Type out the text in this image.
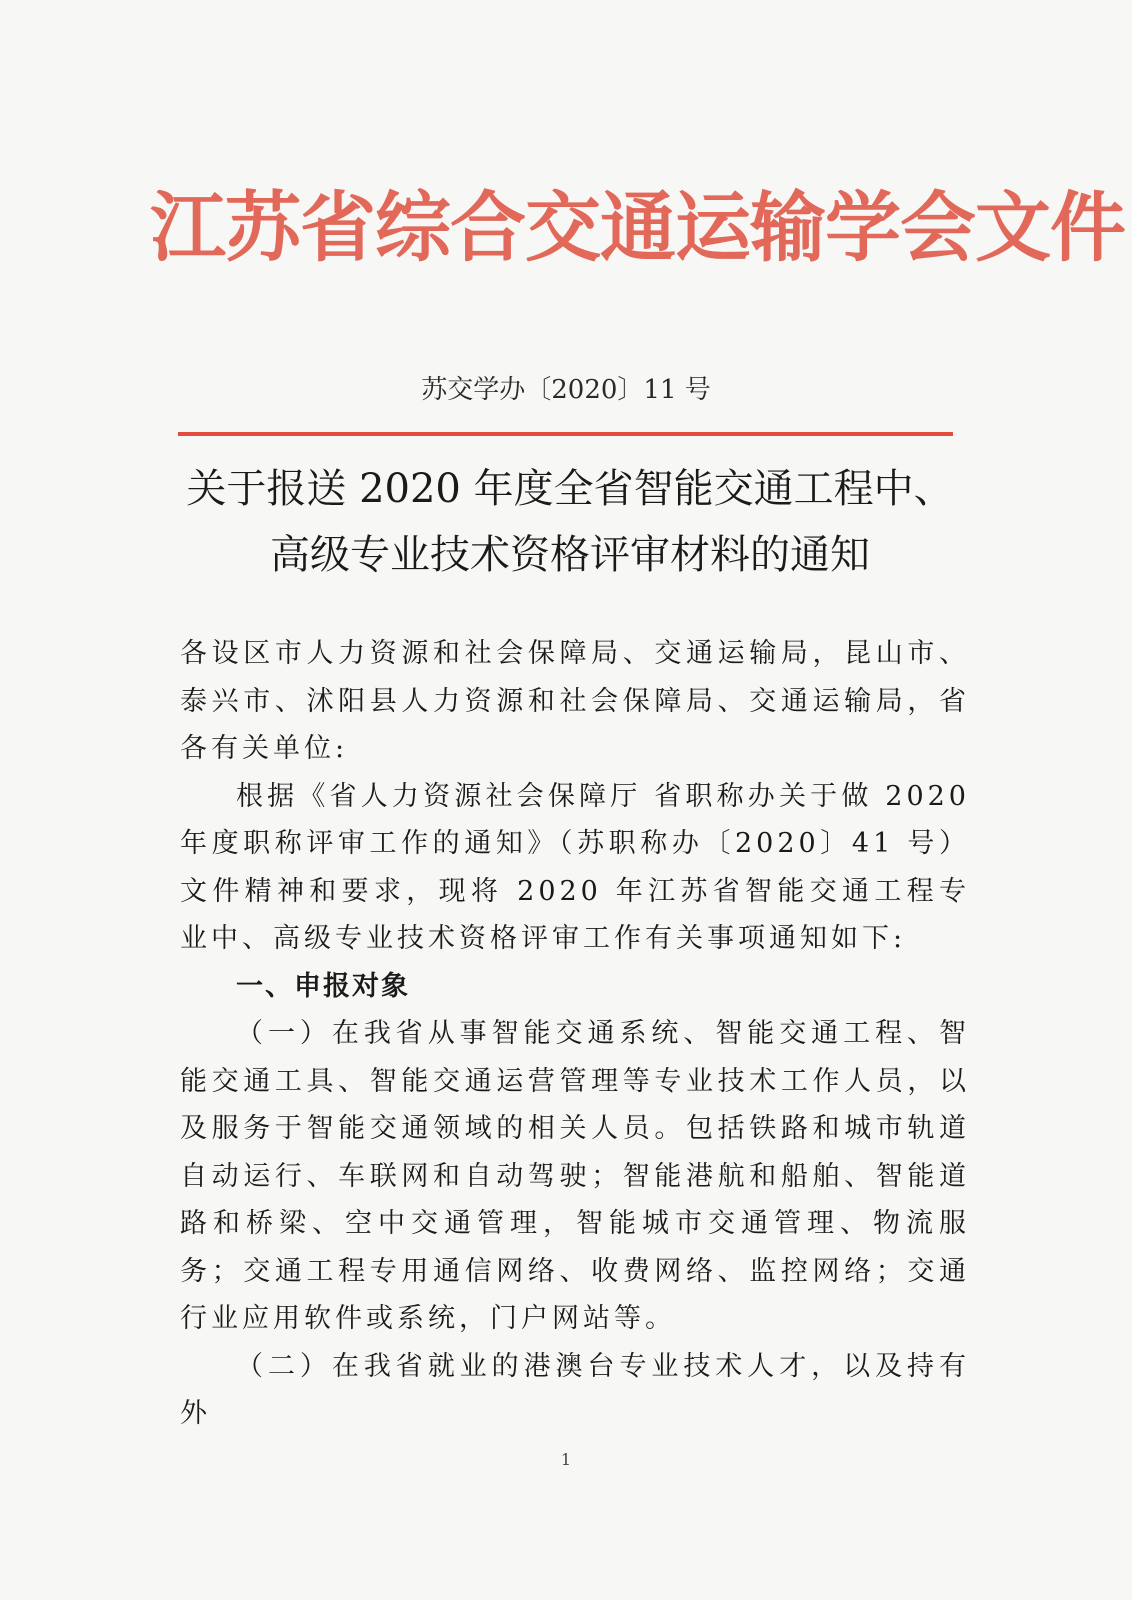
江苏省综合交通运输学会文件
苏交学办〔2020〕11 号
关于报送 2020 年度全省智能交通工程中、
高级专业技术资格评审材料的通知

各设区市人力资源和社会保障局、交通运输局，昆山市、泰兴市、沭阳县人力资源和社会保障局、交通运输局，省各有关单位:

根据《省人力资源社会保障厅 省职称办关于做 2020 年度职称评审工作的通知》（苏职称办〔2020〕41 号）文件精神和要求，现将 2020 年江苏省智能交通工程专业中、高级专业技术资格评审工作有关事项通知如下:

一、申报对象

（一）在我省从事智能交通系统、智能交通工程、智能交通工具、智能交通运营管理等专业技术工作人员，以及服务于智能交通领域的相关人员。包括铁路和城市轨道自动运行、车联网和自动驾驶；智能港航和船舶、智能道路和桥梁、空中交通管理，智能城市交通管理、物流服务；交通工程专用通信网络、收费网络、监控网络；交通行业应用软件或系统，门户网站等。

（二）在我省就业的港澳台专业技术人才，以及持有外

1
